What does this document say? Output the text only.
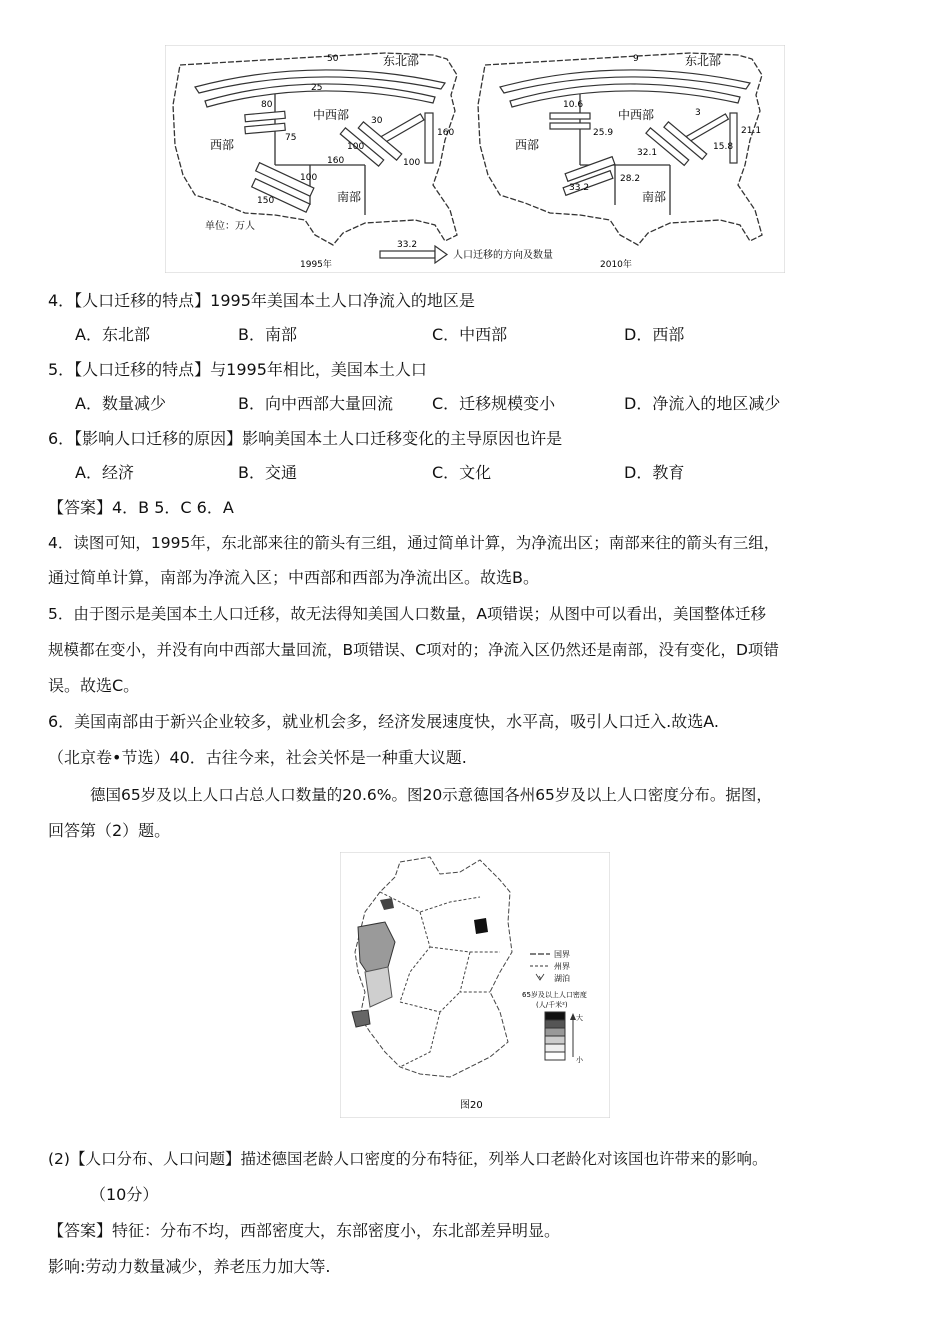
东北部
中西部
西部
南部
东北部
中西部
西部
南部
50
25
80
75
30
160
100
150
100
160
100
9
10.6
25.9	21.1
33.2
28.2
32.1
15.8
3
单位：万人
33.2
人口迁移的方向及数量
1995年	2010年
4．【人口迁移的特点】1995年美国本土人口净流入的地区是
A．东北部	B．南部	C．中西部	D．西部
5．【人口迁移的特点】与1995年相比，美国本土人口
A．数量减少	B．向中西部大量回流 C．迁移规模变小	D．净流入的地区减少
6．【影响人口迁移的原因】影响美国本土人口迁移变化的主导原因也许是
A．经济	B．交通	C．文化	D．教育
【答案】4．B 5．C 6．A
4．读图可知，1995年，东北部来往的箭头有三组，通过简单计算，为净流出区；南部来往的箭头有三组，
通过简单计算，南部为净流入区；中西部和西部为净流出区。故选B。
5．由于图示是美国本土人口迁移，故无法得知美国人口数量，A项错误；从图中可以看出，美国整体迁移
规模都在变小，并没有向中西部大量回流，B项错误、C项对的；净流入区仍然还是南部，没有变化，D项错
误。故选C。
6．美国南部由于新兴企业较多，就业机会多，经济发展速度快，水平高，吸引人口迁入.故选A.
（北京卷•节选）40．古往今来，社会关怀是一种重大议题.
德国65岁及以上人口占总人口数量的20.6%。图20示意德国各州65岁及以上人口密度分布。据图，
回答第（2）题。
国界
州界
湖泊
65岁及以上人口密度
(人/千米²)
大
小
图20
(2)【人口分布、人口问题】描述德国老龄人口密度的分布特征，列举人口老龄化对该国也许带来的影响。
（10分）
【答案】特征：分布不均，西部密度大，东部密度小，东北部差异明显。
影响:劳动力数量减少，养老压力加大等.
